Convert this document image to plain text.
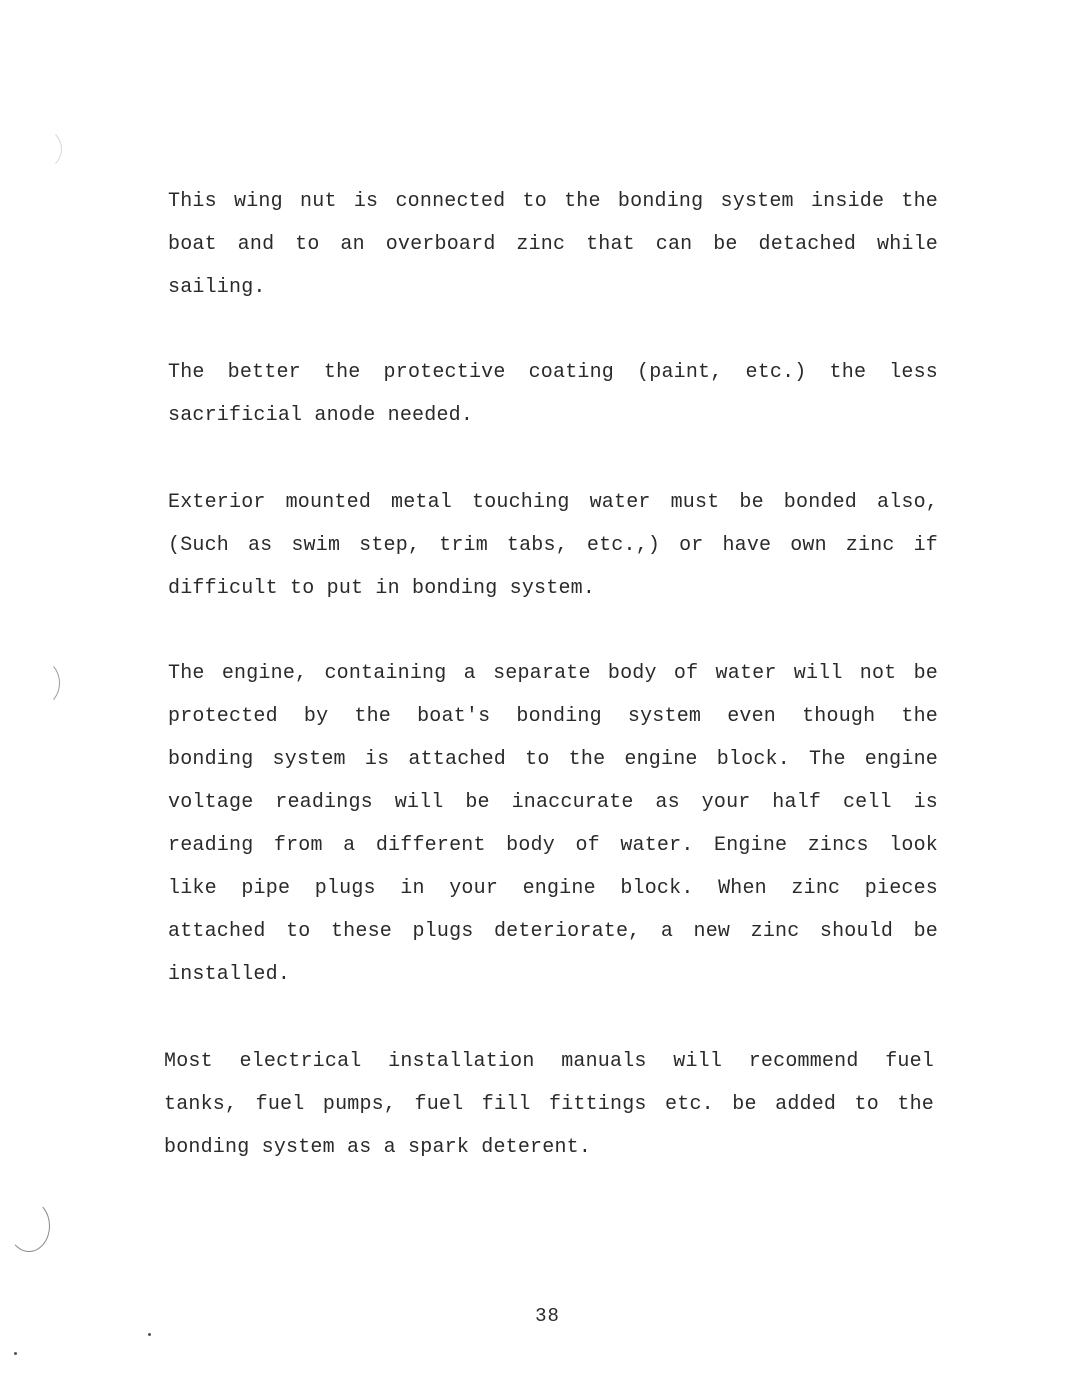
This wing nut is connected to the bonding system inside the
boat and to an overboard zinc that can be detached while
sailing.
The better the protective coating (paint, etc.) the less
sacrificial anode needed.
Exterior mounted metal touching water must be bonded also,
(Such as swim step, trim tabs, etc.,) or have own zinc if
difficult to put in bonding system.
The engine, containing a separate body of water will not be
protected by the boat's bonding system even though the
bonding system is attached to the engine block. The engine
voltage readings will be inaccurate as your half cell is
reading from a different body of water. Engine zincs look
like pipe plugs in your engine block. When zinc pieces
attached to these plugs deteriorate, a new zinc should be
installed.
Most electrical installation manuals will recommend fuel
tanks, fuel pumps, fuel fill fittings etc. be added to the
bonding system as a spark deterent.
38
